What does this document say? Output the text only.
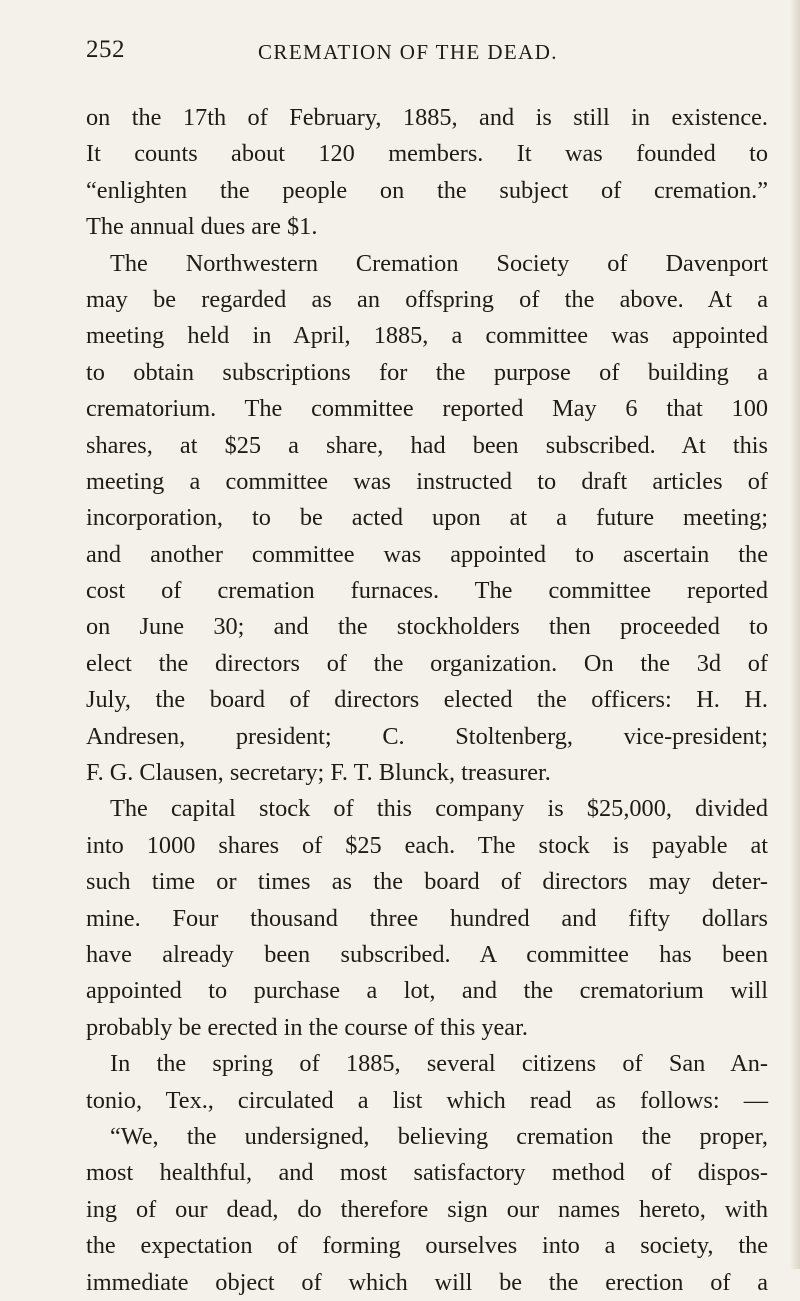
252	CREMATION OF THE DEAD.
on the 17th of February, 1885, and is still in existence.
It counts about 120 members. It was founded to
“enlighten the people on the subject of cremation.”
The annual dues are $1.
The Northwestern Cremation Society of Davenport
may be regarded as an offspring of the above. At a
meeting held in April, 1885, a committee was appointed
to obtain subscriptions for the purpose of building a
crematorium. The committee reported May 6 that 100
shares, at $25 a share, had been subscribed. At this
meeting a committee was instructed to draft articles of
incorporation, to be acted upon at a future meeting;
and another committee was appointed to ascertain the
cost of cremation furnaces. The committee reported
on June 30; and the stockholders then proceeded to
elect the directors of the organization. On the 3d of
July, the board of directors elected the officers: H. H.
Andresen, president; C. Stoltenberg, vice-president;
F. G. Clausen, secretary; F. T. Blunck, treasurer.
The capital stock of this company is $25,000, divided
into 1000 shares of $25 each. The stock is payable at
such time or times as the board of directors may deter-
mine. Four thousand three hundred and fifty dollars
have already been subscribed. A committee has been
appointed to purchase a lot, and the crematorium will
probably be erected in the course of this year.
In the spring of 1885, several citizens of San An-
tonio, Tex., circulated a list which read as follows: —
“We, the undersigned, believing cremation the proper,
most healthful, and most satisfactory method of dispos-
ing of our dead, do therefore sign our names hereto, with
the expectation of forming ourselves into a society, the
immediate object of which will be the erection of a
